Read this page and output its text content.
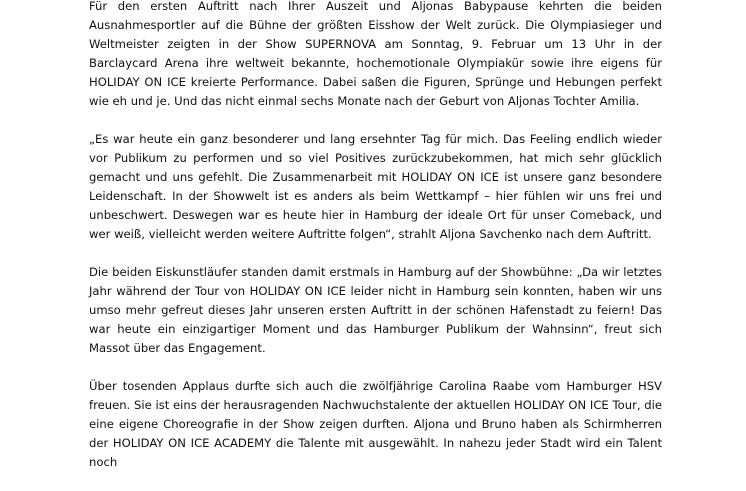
Für den ersten Auftritt nach Ihrer Auszeit und Aljonas Babypause kehrten die beiden Ausnahmesportler auf die Bühne der größten Eisshow der Welt zurück. Die Olympiasieger und Weltmeister zeigten in der Show SUPERNOVA am Sonntag, 9. Februar um 13 Uhr in der Barclaycard Arena ihre weltweit bekannte, hochemotionale Olympiakür sowie ihre eigens für HOLIDAY ON ICE kreierte Performance. Dabei saßen die Figuren, Sprünge und Hebungen perfekt wie eh und je. Und das nicht einmal sechs Monate nach der Geburt von Aljonas Tochter Amilia.

„Es war heute ein ganz besonderer und lang ersehnter Tag für mich. Das Feeling endlich wieder vor Publikum zu performen und so viel Positives zurückzubekommen, hat mich sehr glücklich gemacht und uns gefehlt. Die Zusammenarbeit mit HOLIDAY ON ICE ist unsere ganz besondere Leidenschaft. In der Showwelt ist es anders als beim Wettkampf – hier fühlen wir uns frei und unbeschwert. Deswegen war es heute hier in Hamburg der ideale Ort für unser Comeback, und wer weiß, vielleicht werden weitere Auftritte folgen“, strahlt Aljona Savchenko nach dem Auftritt.

Die beiden Eiskunstläufer standen damit erstmals in Hamburg auf der Showbühne: „Da wir letztes Jahr während der Tour von HOLIDAY ON ICE leider nicht in Hamburg sein konnten, haben wir uns umso mehr gefreut dieses Jahr unseren ersten Auftritt in der schönen Hafenstadt zu feiern! Das war heute ein einzigartiger Moment und das Hamburger Publikum der Wahnsinn“, freut sich Massot über das Engagement.

Über tosenden Applaus durfte sich auch die zwölfjährige Carolina Raabe vom Hamburger HSV freuen. Sie ist eins der herausragenden Nachwuchstalente der aktuellen HOLIDAY ON ICE Tour, die eine eigene Choreografie in der Show zeigen durften. Aljona und Bruno haben als Schirmherren der HOLIDAY ON ICE ACADEMY die Talente mit ausgewählt. In nahezu jeder Stadt wird ein Talent noch
